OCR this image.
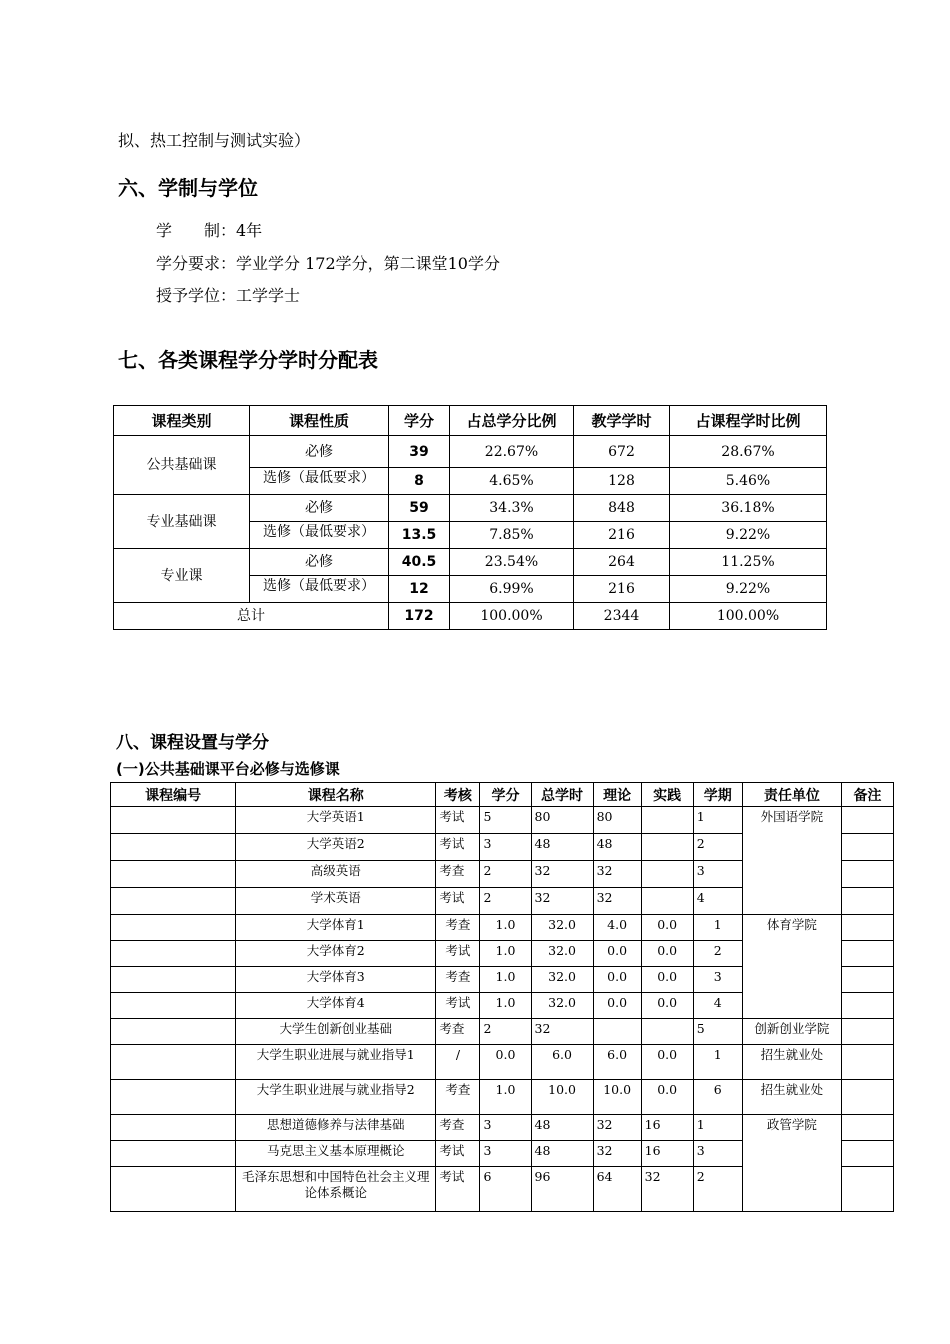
拟、热工控制与测试实验）
六、学制与学位
学　　制：4年
学分要求：学业学分 172学分，第二课堂10学分
授予学位：工学学士
七、各类课程学分学时分配表
课程类别	课程性质	学分	占总学分比例	教学学时	占课程学时比例
公共基础课	必修	39	22.67%	672	28.67%

	选修（最低要求）	8	4.65%	128	5.46%
专业基础课	必修	59	34.3%	848	36.18%

	选修（最低要求）	13.5	7.85%	216	9.22%
专业课	必修	40.5	23.54%	264	11.25%

	选修（最低要求）	12	6.99%	216	9.22%
总计		172	100.00%	2344	100.00%
八、课程设置与学分
(一)公共基础课平台必修与选修课
课程编号	课程名称	考核	学分	总学时	理论	实践	学期	责任单位	备注
	大学英语1	考试	5	80	80		1	外国语学院	
	大学英语2	考试	3	48	48		2		
	高级英语	考查	2	32	32		3		
	学术英语	考试	2	32	32		4		
	大学体育1	考查	1.0	32.0	4.0	0.0	1	体育学院	
	大学体育2	考试	1.0	32.0	0.0	0.0	2		
	大学体育3	考查	1.0	32.0	0.0	0.0	3		
	大学体育4	考试	1.0	32.0	0.0	0.0	4		
	大学生创新创业基础	考查	2	32			5	创新创业学院	
	大学生职业进展与就业指导1	/	0.0	6.0	6.0	0.0	1	招生就业处	
	大学生职业进展与就业指导2	考查	1.0	10.0	10.0	0.0	6	招生就业处	
	思想道德修养与法律基础	考查	3	48	32	16	1	政管学院	
	马克思主义基本原理概论	考试	3	48	32	16	3		
	毛泽东思想和中国特色社会主义理论体系概论	考试	6	96	64	32	2		
